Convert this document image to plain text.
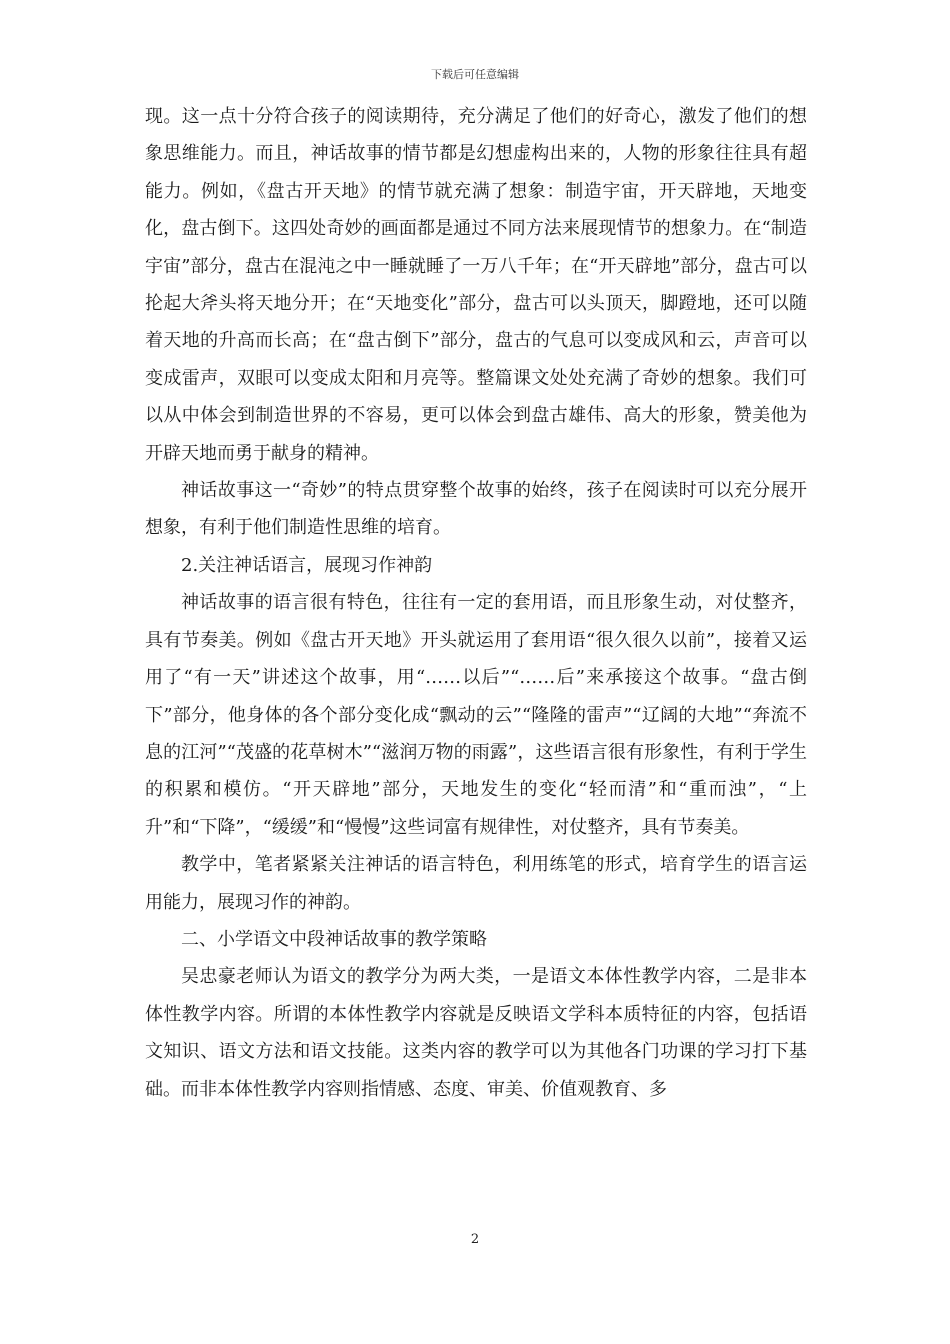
下载后可任意编辑

现。这一点十分符合孩子的阅读期待，充分满足了他们的好奇心，激发了他们的想象思维能力。而且，神话故事的情节都是幻想虚构出来的，人物的形象往往具有超能力。例如，《盘古开天地》的情节就充满了想象：制造宇宙，开天辟地，天地变化，盘古倒下。这四处奇妙的画面都是通过不同方法来展现情节的想象力。在“制造宇宙”部分，盘古在混沌之中一睡就睡了一万八千年；在“开天辟地”部分，盘古可以抡起大斧头将天地分开；在“天地变化”部分，盘古可以头顶天，脚蹬地，还可以随着天地的升高而长高；在“盘古倒下”部分，盘古的气息可以变成风和云，声音可以变成雷声，双眼可以变成太阳和月亮等。整篇课文处处充满了奇妙的想象。我们可以从中体会到制造世界的不容易，更可以体会到盘古雄伟、高大的形象，赞美他为开辟天地而勇于献身的精神。

神话故事这一“奇妙”的特点贯穿整个故事的始终，孩子在阅读时可以充分展开想象，有利于他们制造性思维的培育。

2.关注神话语言，展现习作神韵

神话故事的语言很有特色，往往有一定的套用语，而且形象生动，对仗整齐，具有节奏美。例如《盘古开天地》开头就运用了套用语“很久很久以前”，接着又运用了“有一天”讲述这个故事，用“……以后”“……后”来承接这个故事。“盘古倒下”部分，他身体的各个部分变化成“飘动的云”“隆隆的雷声”“辽阔的大地”“奔流不息的江河”“茂盛的花草树木”“滋润万物的雨露”，这些语言很有形象性，有利于学生的积累和模仿。“开天辟地”部分，天地发生的变化“轻而清”和“重而浊”，“上升”和“下降”，“缓缓”和“慢慢”这些词富有规律性，对仗整齐，具有节奏美。

教学中，笔者紧紧关注神话的语言特色，利用练笔的形式，培育学生的语言运用能力，展现习作的神韵。

二、小学语文中段神话故事的教学策略

吴忠豪老师认为语文的教学分为两大类，一是语文本体性教学内容，二是非本体性教学内容。所谓的本体性教学内容就是反映语文学科本质特征的内容，包括语文知识、语文方法和语文技能。这类内容的教学可以为其他各门功课的学习打下基础。而非本体性教学内容则指情感、态度、审美、价值观教育、多

2
